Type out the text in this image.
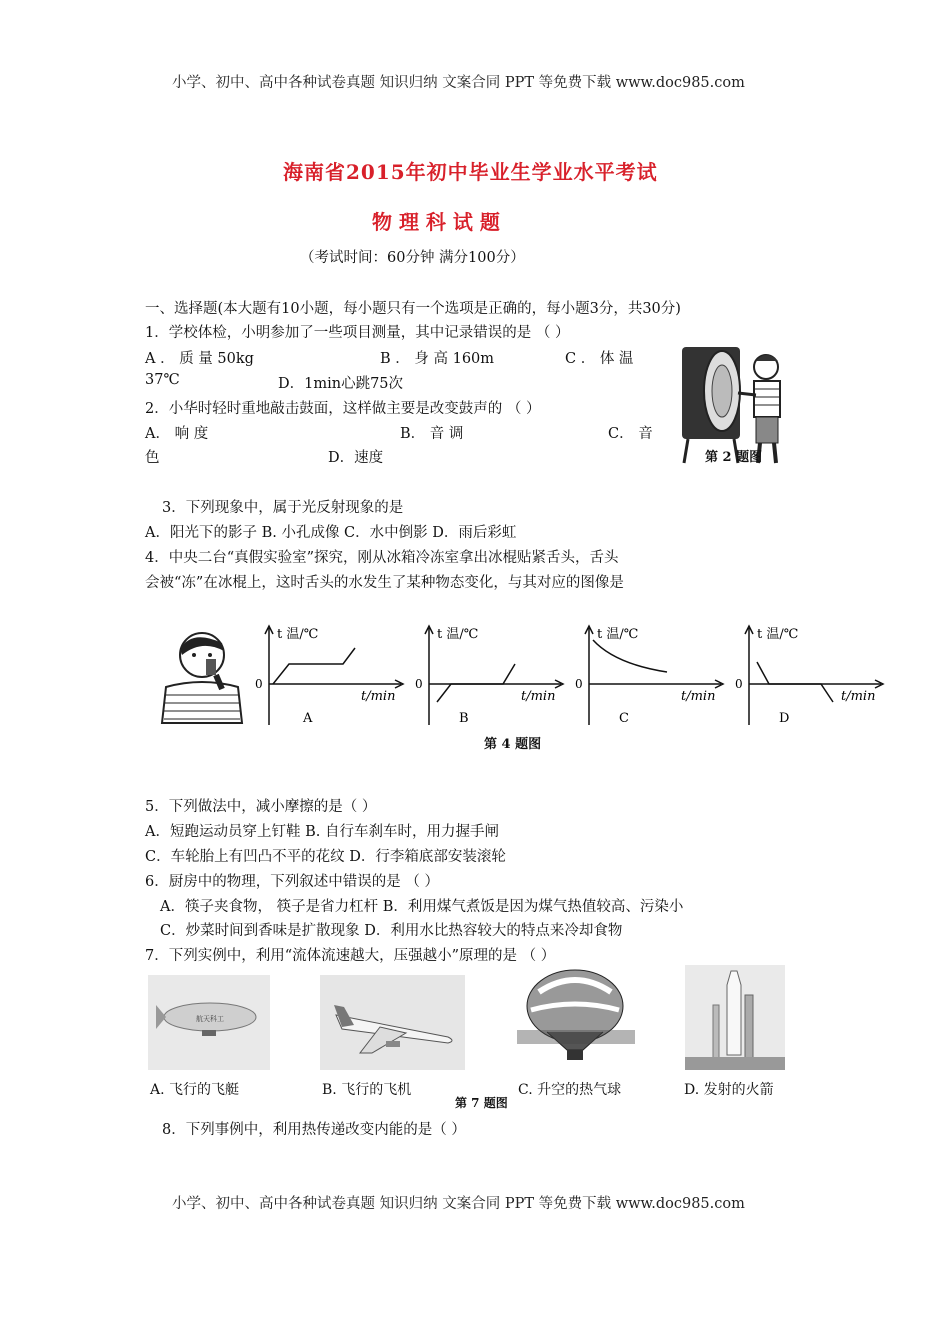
小学、初中、高中各种试卷真题 知识归纳 文案合同 PPT 等免费下载 www.doc985.com
海南省2015年初中毕业生学业水平考试
物 理 科 试 题
（考试时间：60分钟 满分100分）
一、选择题(本大题有10小题，每小题只有一个选项是正确的，每小题3分，共30分)
1．学校体检，小明参加了一些项目测量，其中记录错误的是 （ ）
A ． 质 量 50kg	B ． 身 高 160m	C ． 体 温
37℃	D．1min心跳75次
2．小华时轻时重地敲击鼓面，这样做主要是改变鼓声的 （ ）
A． 响 度	B． 音 调	C． 音
色	D．速度	第 2 题图
3．下列现象中，属于光反射现象的是
A．阳光下的影子 B. 小孔成像 C．水中倒影 D．雨后彩虹
4．中央二台“真假实验室”探究，刚从冰箱冷冻室拿出冰棍贴紧舌头，舌头
会被“冻”在冰棍上，这时舌头的水发生了某种物态变化，与其对应的图像是
t 温/℃
0
t/min
A
t 温/℃
0
t/min
B
t 温/℃
0
t/min
C
t 温/℃
0
t/min
D
第 4 题图
5．下列做法中，减小摩擦的是（ ）
A．短跑运动员穿上钉鞋 B. 自行车刹车时，用力握手闸
C．车轮胎上有凹凸不平的花纹 D．行李箱底部安装滚轮
6．厨房中的物理，下列叙述中错误的是 （ ）
A．筷子夹食物， 筷子是省力杠杆 B．利用煤气煮饭是因为煤气热值较高、污染小
C．炒菜时间到香味是扩散现象 D．利用水比热容较大的特点来冷却食物
7．下列实例中，利用“流体流速越大，压强越小”原理的是 （ ）
航天科工
A. 飞行的飞艇	B. 飞行的飞机	C. 升空的热气球	D. 发射的火箭
第 7 题图
8．下列事例中，利用热传递改变内能的是（ ）
小学、初中、高中各种试卷真题 知识归纳 文案合同 PPT 等免费下载 www.doc985.com
